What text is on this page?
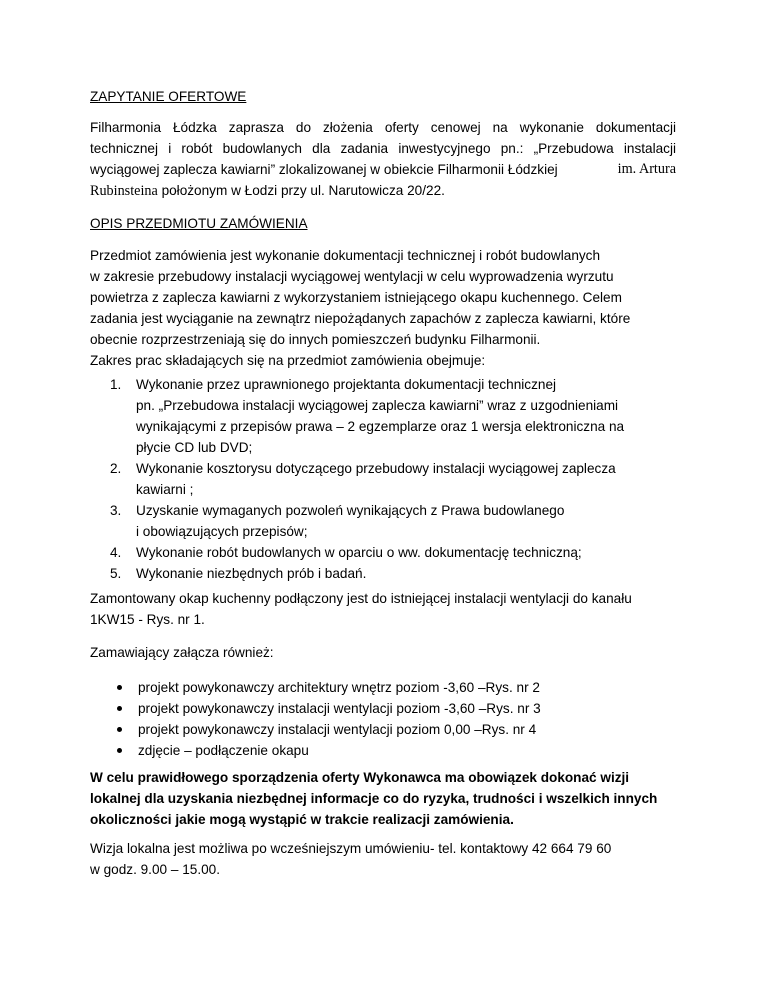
ZAPYTANIE OFERTOWE
Filharmonia Łódzka zaprasza do złożenia oferty cenowej na wykonanie dokumentacji
technicznej i robót budowlanych dla zadania inwestycyjnego pn.: „Przebudowa instalacji
wyciągowej zaplecza kawiarni” zlokalizowanej w obiekcie Filharmonii Łódzkiej	im. Artura
Rubinsteina położonym w Łodzi przy ul. Narutowicza 20/22.
OPIS PRZEDMIOTU ZAMÓWIENIA
Przedmiot zamówienia jest wykonanie dokumentacji technicznej i robót budowlanych
w zakresie przebudowy instalacji wyciągowej wentylacji w celu wyprowadzenia wyrzutu
powietrza z zaplecza kawiarni z wykorzystaniem istniejącego okapu kuchennego. Celem
zadania jest wyciąganie na zewnątrz niepożądanych zapachów z zaplecza kawiarni, które
obecnie rozprzestrzeniają się do innych pomieszczeń budynku Filharmonii.
Zakres prac składających się na przedmiot zamówienia obejmuje:
1. Wykonanie przez uprawnionego projektanta dokumentacji technicznej
pn. „Przebudowa instalacji wyciągowej zaplecza kawiarni” wraz z uzgodnieniami
wynikającymi z przepisów prawa – 2 egzemplarze oraz 1 wersja elektroniczna na
płycie CD lub DVD;
2. Wykonanie kosztorysu dotyczącego przebudowy instalacji wyciągowej zaplecza
kawiarni ;
3. Uzyskanie wymaganych pozwoleń wynikających z Prawa budowlanego
i obowiązujących przepisów;
4. Wykonanie robót budowlanych w oparciu o ww. dokumentację techniczną;
5. Wykonanie niezbędnych prób i badań.
Zamontowany okap kuchenny podłączony jest do istniejącej instalacji wentylacji do kanału
1KW15 - Rys. nr 1.
Zamawiający załącza również:
projekt powykonawczy architektury wnętrz poziom -3,60 –Rys. nr 2
projekt powykonawczy instalacji wentylacji poziom -3,60 –Rys. nr 3
projekt powykonawczy instalacji wentylacji poziom 0,00 –Rys. nr 4
zdjęcie – podłączenie okapu
W celu prawidłowego sporządzenia oferty Wykonawca ma obowiązek dokonać wizji
lokalnej dla uzyskania niezbędnej informacje co do ryzyka, trudności i wszelkich innych
okoliczności jakie mogą wystąpić w trakcie realizacji zamówienia.
Wizja lokalna jest możliwa po wcześniejszym umówieniu- tel. kontaktowy 42 664 79 60
w godz. 9.00 – 15.00.
